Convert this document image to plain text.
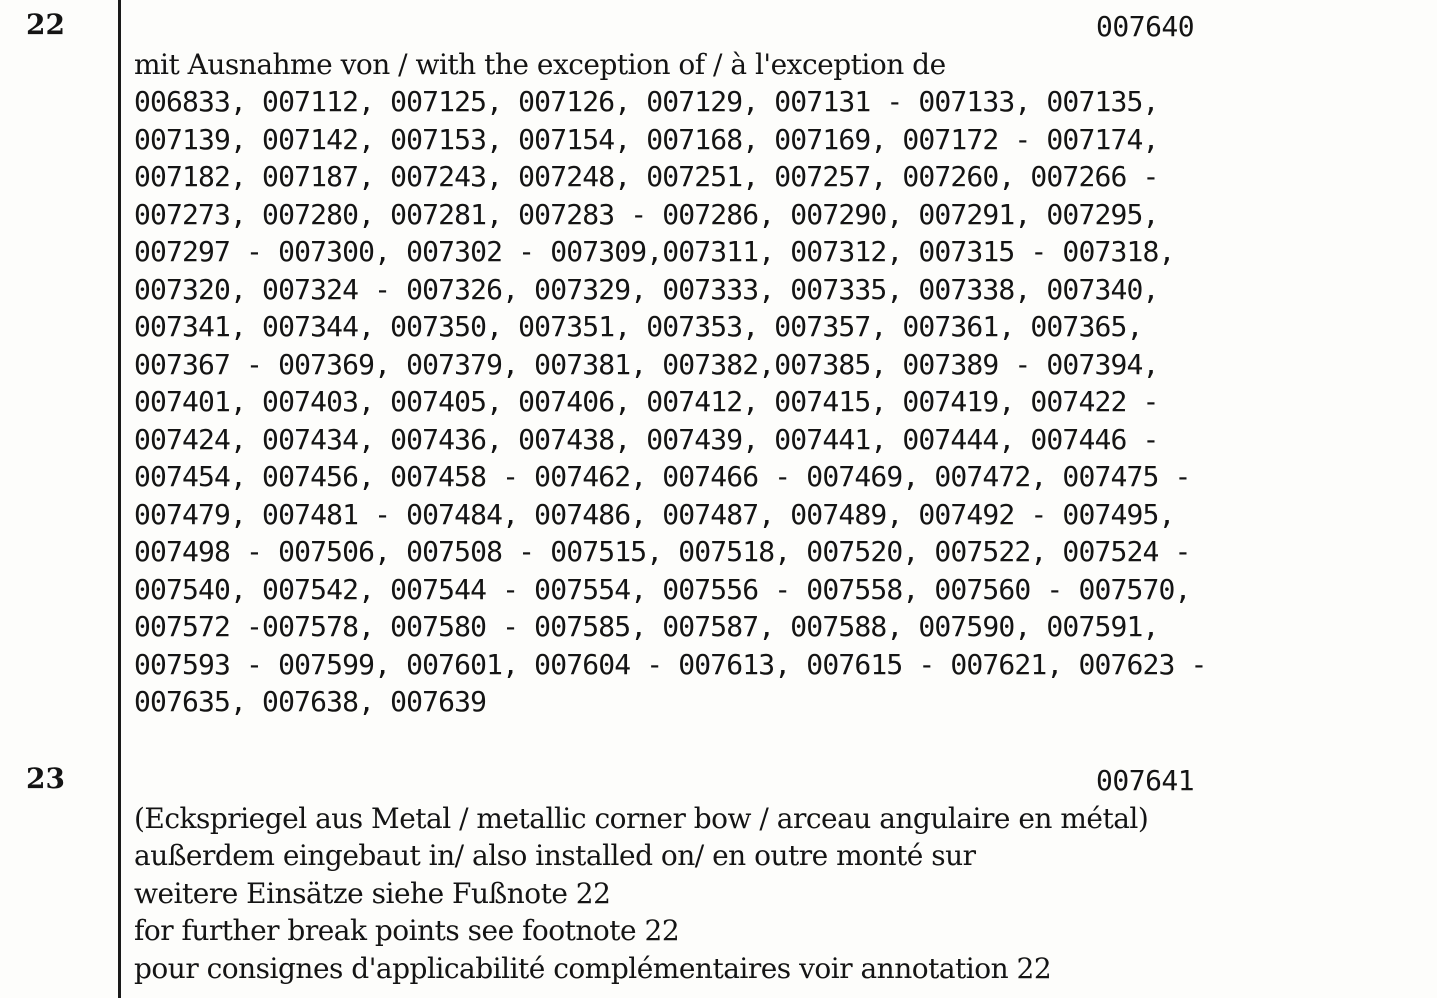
22

	007640

mit Ausnahme von / with the exception of / à l'exception de
006833, 007112, 007125, 007126, 007129, 007131 - 007133, 007135,
007139, 007142, 007153, 007154, 007168, 007169, 007172 - 007174,
007182, 007187, 007243, 007248, 007251, 007257, 007260, 007266 -
007273, 007280, 007281, 007283 - 007286, 007290, 007291, 007295,
007297 - 007300, 007302 - 007309,007311, 007312, 007315 - 007318,
007320, 007324 - 007326, 007329, 007333, 007335, 007338, 007340,
007341, 007344, 007350, 007351, 007353, 007357, 007361, 007365,
007367 - 007369, 007379, 007381, 007382,007385, 007389 - 007394,
007401, 007403, 007405, 007406, 007412, 007415, 007419, 007422 -
007424, 007434, 007436, 007438, 007439, 007441, 007444, 007446 -
007454, 007456, 007458 - 007462, 007466 - 007469, 007472, 007475 -
007479, 007481 - 007484, 007486, 007487, 007489, 007492 - 007495,
007498 - 007506, 007508 - 007515, 007518, 007520, 007522, 007524 -
007540, 007542, 007544 - 007554, 007556 - 007558, 007560 - 007570,
007572 -007578, 007580 - 007585, 007587, 007588, 007590, 007591,
007593 - 007599, 007601, 007604 - 007613, 007615 - 007621, 007623 -
007635, 007638, 007639
23

	007641

(Eckspriegel aus Metal / metallic corner bow / arceau angulaire en métal)
außerdem eingebaut in/ also installed on/ en outre monté sur
weitere Einsätze siehe Fußnote 22
for further break points see footnote 22
pour consignes d'applicabilité complémentaires voir annotation 22
